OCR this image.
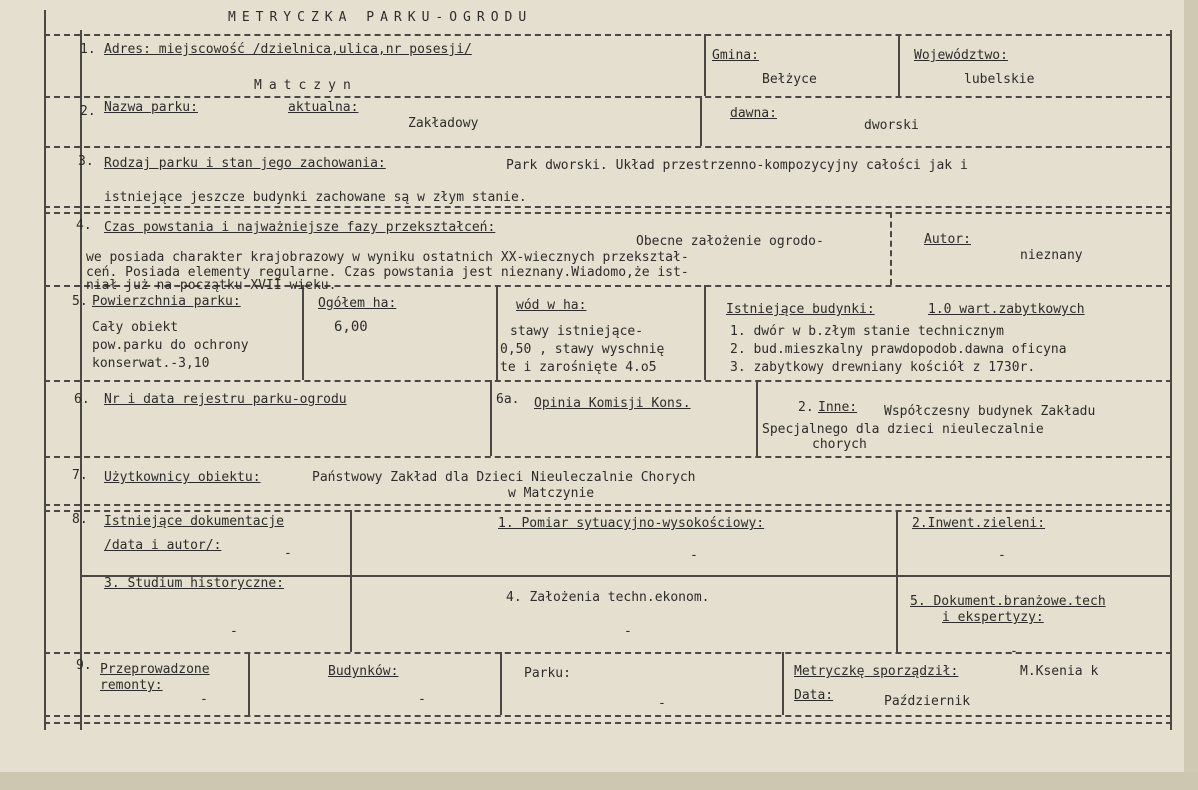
METRYCZKA PARKU-OGRODU
1. Adres: miejscowość /dzielnica,ulica,nr posesji/
Matczyn
Gmina:
Bełżyce
Województwo:
lubelskie
2. Nazwa parku:	aktualna:
Zakładowy
dawna:
dworski
3. Rodzaj parku i stan jego zachowania:	Park dworski. Układ przestrzenno-kompozycyjny całości jak i
istniejące jeszcze budynki zachowane są w złym stanie.
4. Czas powstania i najważniejsze fazy przekształceń:
Obecne założenie ogrodo-
we posiada charakter krajobrazowy w wyniku ostatnich XX-wiecznych przekształ-
ceń. Posiada elementy regularne. Czas powstania jest nieznany.Wiadomo,że ist-
niał już na początku XVII wieku.
Autor:
nieznany
5. Powierzchnia parku:
Cały obiekt
pow.parku do ochrony
konserwat.-3,10
Ogółem ha:
6,00
wód w ha:
stawy istniejące-
0,50 , stawy wyschnię
te i zarośnięte 4.o5
Istniejące budynki:	1.0 wart.zabytkowych
1. dwór w b.złym stanie technicznym
2. bud.mieszkalny prawdopodob.dawna oficyna
3. zabytkowy drewniany kościół z 1730r.
6. Nr i data rejestru parku-ogrodu	6a. Opinia Komisji Kons.	2. Inne: Współczesny budynek Zakładu
Specjalnego dla dzieci nieuleczalnie
chorych
7. Użytkownicy obiektu:	Państwowy Zakład dla Dzieci Nieuleczalnie Chorych
w Matczynie
8. Istniejące dokumentacje
/data i autor/:
-
1. Pomiar sytuacyjno-wysokościowy:
-
2.Inwent.zieleni:
-
3. Studium historyczne:
-
4. Założenia techn.ekonom.
-
5. Dokument.branżowe.tech
i ekspertyzy:
-
9. Przeprowadzone
remonty:
-
Budynków:
-
Parku:
-
Metryczkę sporządził:	M.Ksenia k
Data:	Październik
